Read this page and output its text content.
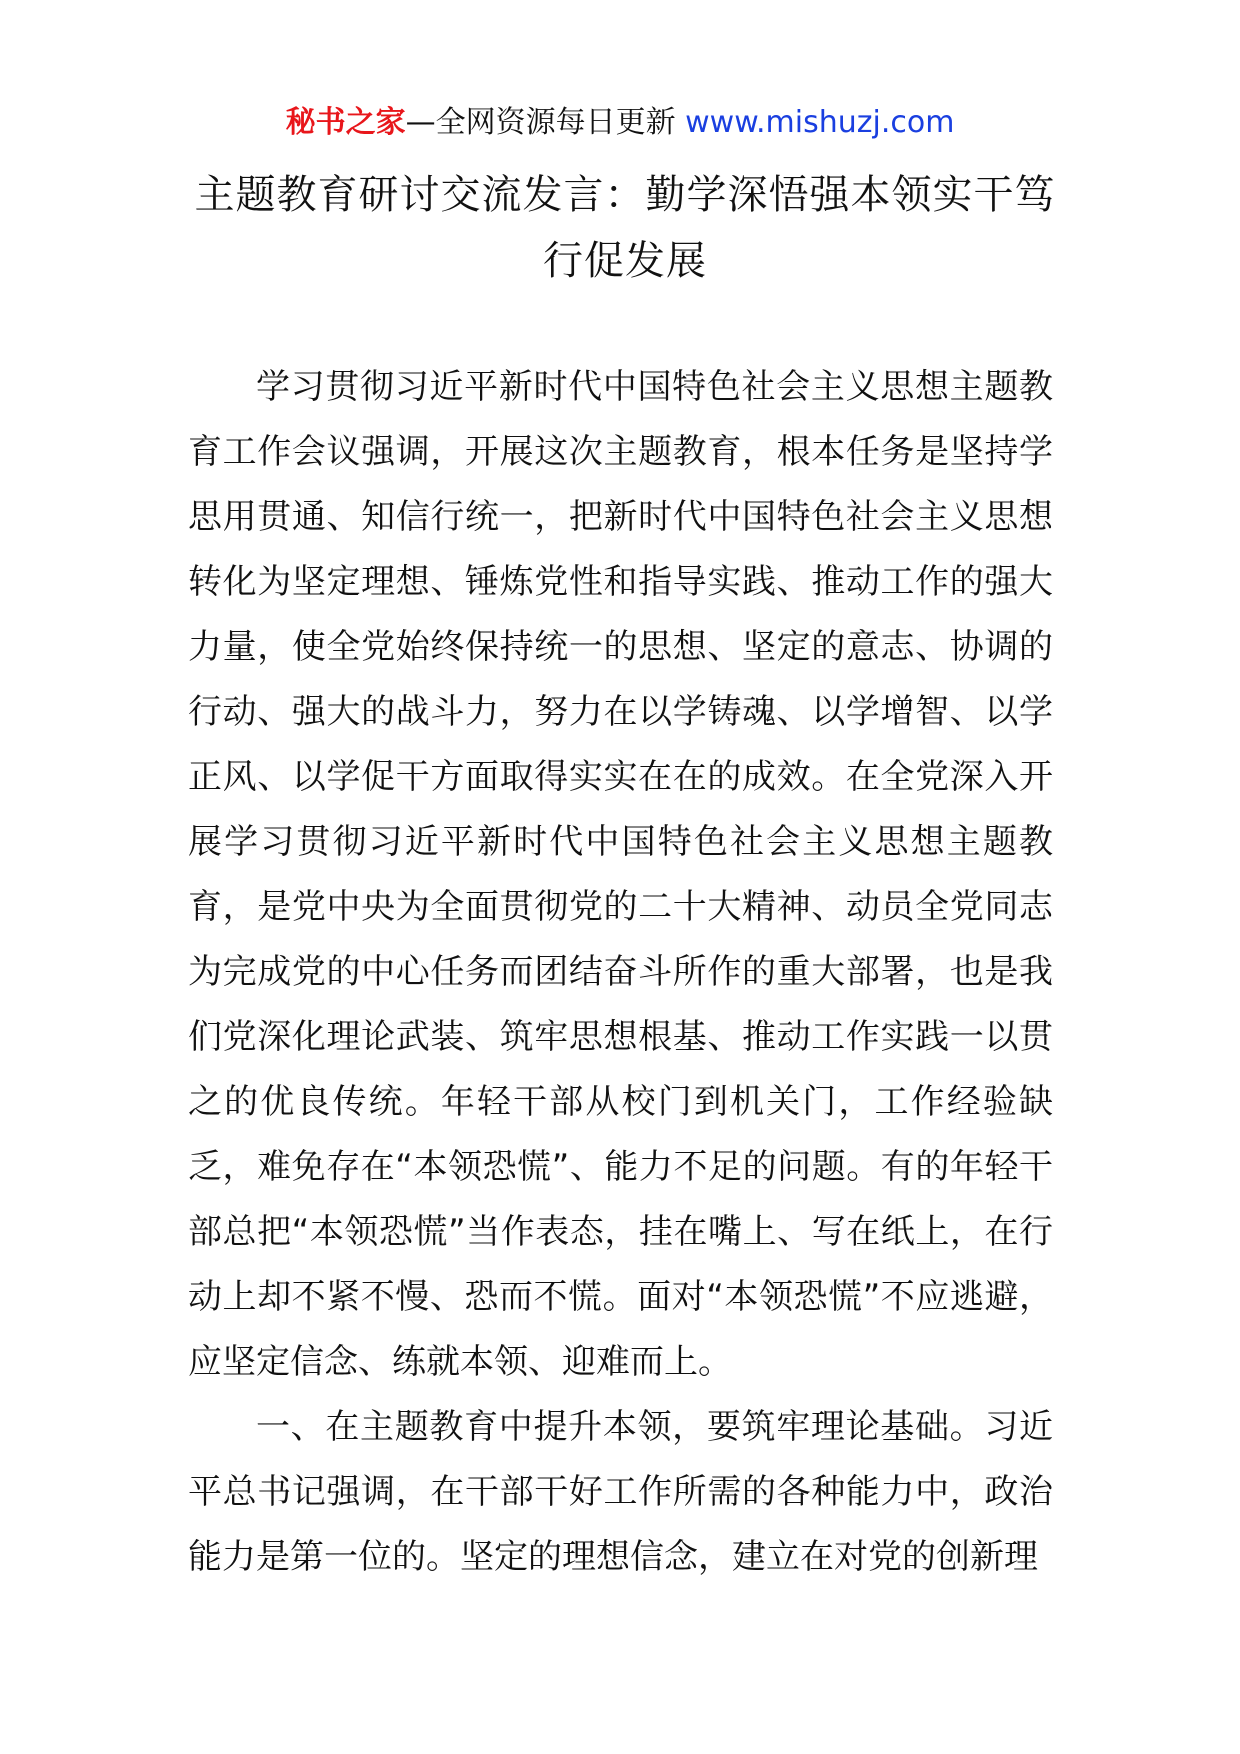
秘书之家—全网资源每日更新 www.mishuzj.com
主题教育研讨交流发言：勤学深悟强本领实干笃行促发展

学习贯彻习近平新时代中国特色社会主义思想主题教育工作会议强调，开展这次主题教育，根本任务是坚持学思用贯通、知信行统一，把新时代中国特色社会主义思想转化为坚定理想、锤炼党性和指导实践、推动工作的强大力量，使全党始终保持统一的思想、坚定的意志、协调的行动、强大的战斗力，努力在以学铸魂、以学增智、以学正风、以学促干方面取得实实在在的成效。在全党深入开展学习贯彻习近平新时代中国特色社会主义思想主题教育，是党中央为全面贯彻党的二十大精神、动员全党同志为完成党的中心任务而团结奋斗所作的重大部署，也是我们党深化理论武装、筑牢思想根基、推动工作实践一以贯之的优良传统。年轻干部从校门到机关门，工作经验缺乏，难免存在“本领恐慌”、能力不足的问题。有的年轻干部总把“本领恐慌”当作表态，挂在嘴上、写在纸上，在行动上却不紧不慢、恐而不慌。面对“本领恐慌”不应逃避，应坚定信念、练就本领、迎难而上。

一、在主题教育中提升本领，要筑牢理论基础。习近平总书记强调，在干部干好工作所需的各种能力中，政治能力是第一位的。坚定的理想信念，建立在对党的创新理
